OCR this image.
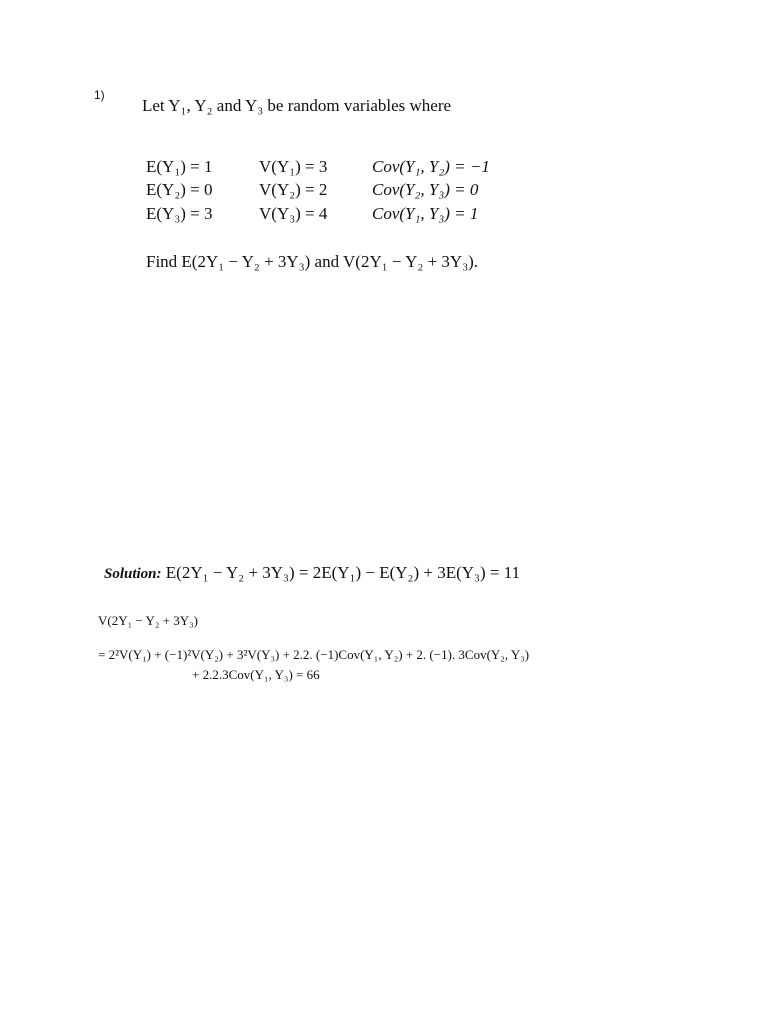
1)
Let Y₁, Y₂ and Y₃ be random variables where
E(Y₁) = 1	V(Y₁) = 3	Cov(Y₁, Y₂) = −1
E(Y₂) = 0	V(Y₂) = 2	Cov(Y₂, Y₃) = 0
E(Y₃) = 3	V(Y₃) = 4	Cov(Y₁, Y₃) = 1
Find E(2Y₁ − Y₂ + 3Y₃) and V(2Y₁ − Y₂ + 3Y₃).
Solution: E(2Y₁ − Y₂ + 3Y₃) = 2E(Y₁) − E(Y₂) + 3E(Y₃) = 11
V(2Y₁ − Y₂ + 3Y₃)
= 2²V(Y₁) + (−1)²V(Y₂) + 3²V(Y₃) + 2.2. (−1)Cov(Y₁, Y₂) + 2. (−1). 3Cov(Y₂, Y₃)
+ 2.2.3Cov(Y₁, Y₃) = 66
